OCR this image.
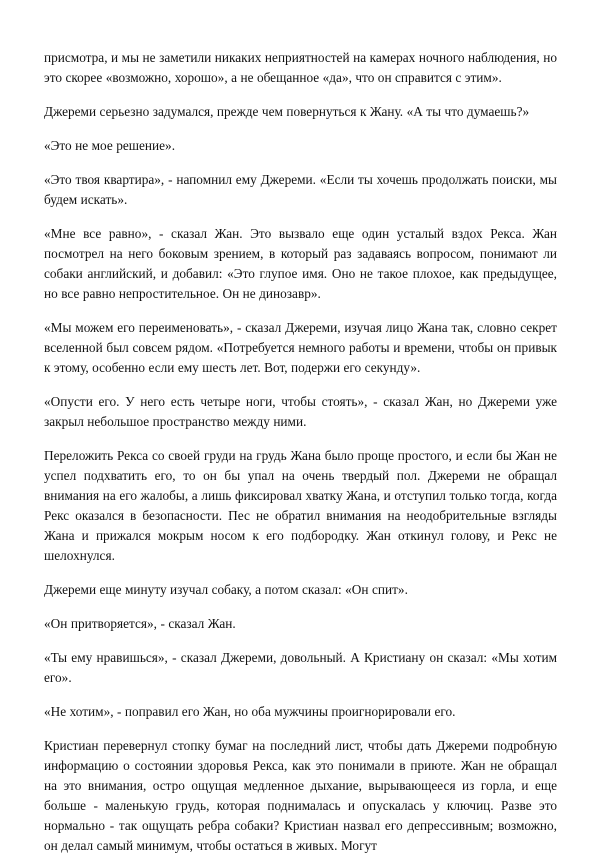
присмотра, и мы не заметили никаких неприятностей на камерах ночного наблюдения, но это скорее «возможно, хорошо», а не обещанное «да», что он справится с этим».

Джереми серьезно задумался, прежде чем повернуться к Жану. «А ты что думаешь?»

«Это не мое решение».

«Это твоя квартира», - напомнил ему Джереми. «Если ты хочешь продолжать поиски, мы будем искать».

«Мне все равно», - сказал Жан. Это вызвало еще один усталый вздох Рекса. Жан посмотрел на него боковым зрением, в который раз задаваясь вопросом, понимают ли собаки английский, и добавил: «Это глупое имя. Оно не такое плохое, как предыдущее, но все равно непростительное. Он не динозавр».

«Мы можем его переименовать», - сказал Джереми, изучая лицо Жана так, словно секрет вселенной был совсем рядом. «Потребуется немного работы и времени, чтобы он привык к этому, особенно если ему шесть лет. Вот, подержи его секунду».

«Опусти его. У него есть четыре ноги, чтобы стоять», - сказал Жан, но Джереми уже закрыл небольшое пространство между ними.

Переложить Рекса со своей груди на грудь Жана было проще простого, и если бы Жан не успел подхватить его, то он бы упал на очень твердый пол. Джереми не обращал внимания на его жалобы, а лишь фиксировал хватку Жана, и отступил только тогда, когда Рекс оказался в безопасности. Пес не обратил внимания на неодобрительные взгляды Жана и прижался мокрым носом к его подбородку. Жан откинул голову, и Рекс не шелохнулся.

Джереми еще минуту изучал собаку, а потом сказал: «Он спит».

«Он притворяется», - сказал Жан.

«Ты ему нравишься», - сказал Джереми, довольный. А Кристиану он сказал: «Мы хотим его».

«Не хотим», - поправил его Жан, но оба мужчины проигнорировали его.

Кристиан перевернул стопку бумаг на последний лист, чтобы дать Джереми подробную информацию о состоянии здоровья Рекса, как это понимали в приюте. Жан не обращал на это внимания, остро ощущая медленное дыхание, вырывающееся из горла, и еще больше - маленькую грудь, которая поднималась и опускалась у ключиц. Разве это нормально - так ощущать ребра собаки? Кристиан назвал его депрессивным; возможно, он делал самый минимум, чтобы остаться в живых. Могут
